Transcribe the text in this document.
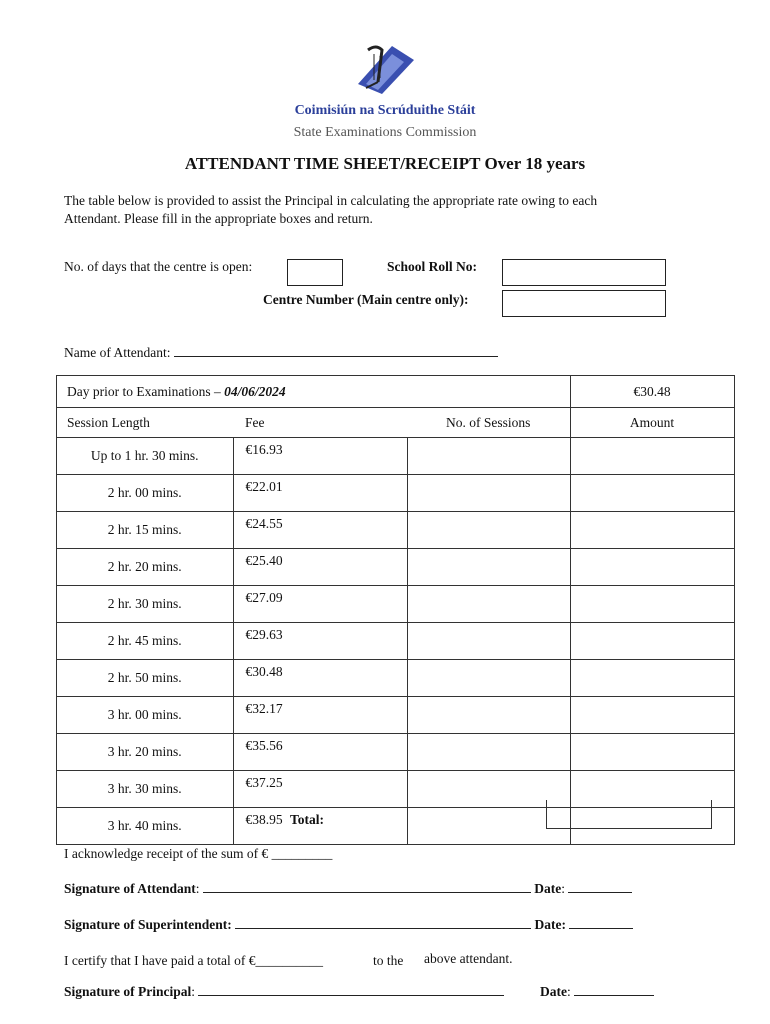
Coimisiún na Scrúduithe Stáit
State Examinations Commission
ATTENDANT TIME SHEET/RECEIPT Over 18 years
The table below is provided to assist the Principal in calculating the appropriate rate owing to each
Attendant. Please fill in the appropriate boxes and return.
No. of days that the centre is open:	School Roll No:
Centre Number (Main centre only):
Name of Attendant:
Day prior to Examinations – 04/06/2024			€30.48
Session Length	Fee	No. of Sessions	Amount
Up to 1 hr. 30 mins.	€16.93		
2 hr. 00 mins.	€22.01		
2 hr. 15 mins.	€24.55		
2 hr. 20 mins.	€25.40		
2 hr. 30 mins.	€27.09		
2 hr. 45 mins.	€29.63		
2 hr. 50 mins.	€30.48		
3 hr. 00 mins.	€32.17		
3 hr. 20 mins.	€35.56		
3 hr. 30 mins.	€37.25		
3 hr. 40 mins.	€38.95		Total:
I acknowledge receipt of the sum of € _________
Signature of Attendant:	Date:
Signature of Superintendent:	Date:
I certify that I have paid a total of €__________	to the above attendant.
Signature of Principal:	Date:
